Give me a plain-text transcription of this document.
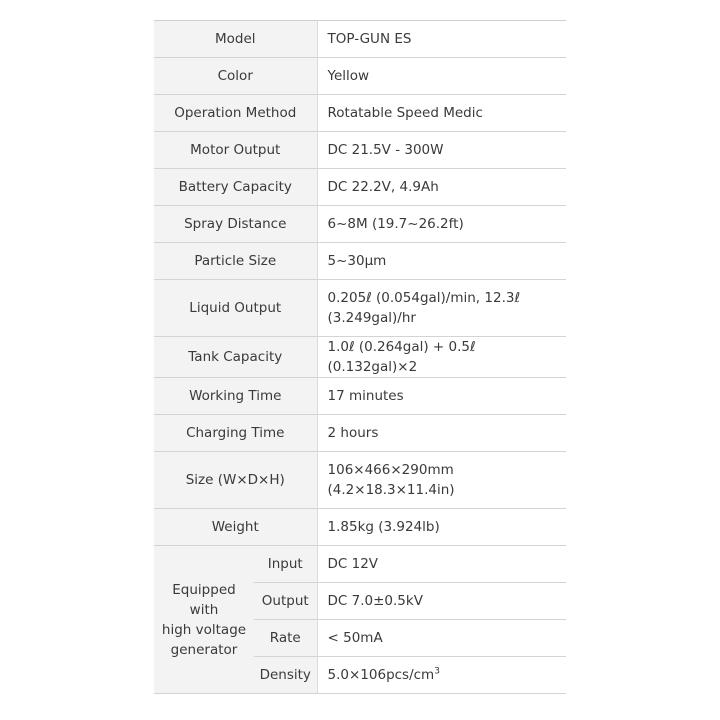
Model		TOP-GUN ES
Color		Yellow
Operation Method		Rotatable Speed Medic
Motor Output		DC 21.5V - 300W
Battery Capacity		DC 22.2V, 4.9Ah
Spray Distance		6~8M (19.7~26.2ft)
Particle Size		5~30μm
Liquid Output		0.205ℓ (0.054gal)/min, 12.3ℓ
(3.249gal)/hr
Tank Capacity		1.0ℓ (0.264gal) + 0.5ℓ (0.132gal)×2
Working Time		17 minutes
Charging Time		2 hours
Size (W×D×H)		106×466×290mm
(4.2×18.3×11.4in)
Weight		1.85kg (3.924lb)
Equipped
with
high voltage
generator	Input	DC 12V
	Output	DC 7.0±0.5kV
	Rate	< 50mA
	Density	$5.0\times 106pcs/cm^3$
